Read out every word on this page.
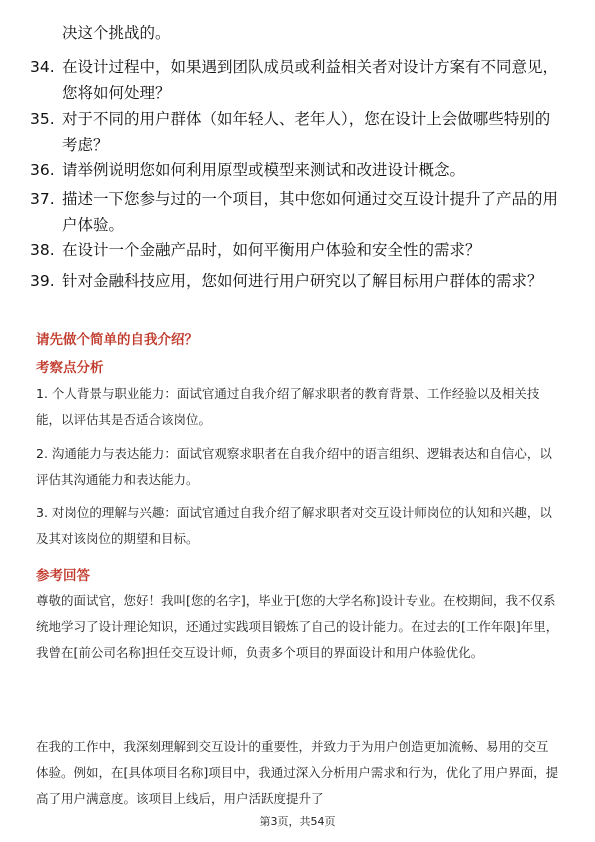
决这个挑战的。

34. 在设计过程中，如果遇到团队成员或利益相关者对设计方案有不同意见，您将如何处理？
35. 对于不同的用户群体（如年轻人、老年人），您在设计上会做哪些特别的考虑？
36. 请举例说明您如何利用原型或模型来测试和改进设计概念。
37. 描述一下您参与过的一个项目，其中您如何通过交互设计提升了产品的用户体验。
38. 在设计一个金融产品时，如何平衡用户体验和安全性的需求？
39. 针对金融科技应用，您如何进行用户研究以了解目标用户群体的需求？
请先做个简单的自我介绍？
考察点分析

1. 个人背景与职业能力：面试官通过自我介绍了解求职者的教育背景、工作经验以及相关技能，以评估其是否适合该岗位。

2. 沟通能力与表达能力：面试官观察求职者在自我介绍中的语言组织、逻辑表达和自信心，以评估其沟通能力和表达能力。

3. 对岗位的理解与兴趣：面试官通过自我介绍了解求职者对交互设计师岗位的认知和兴趣，以及其对该岗位的期望和目标。

参考回答

尊敬的面试官，您好！我叫[您的名字]，毕业于[您的大学名称]设计专业。在校期间，我不仅系统地学习了设计理论知识，还通过实践项目锻炼了自己的设计能力。在过去的[工作年限]年里，我曾在[前公司名称]担任交互设计师，负责多个项目的界面设计和用户体验优化。

在我的工作中，我深刻理解到交互设计的重要性，并致力于为用户创造更加流畅、易用的交互体验。例如，在[具体项目名称]项目中，我通过深入分析用户需求和行为，优化了用户界面，提高了用户满意度。该项目上线后，用户活跃度提升了

第3页，共54页
